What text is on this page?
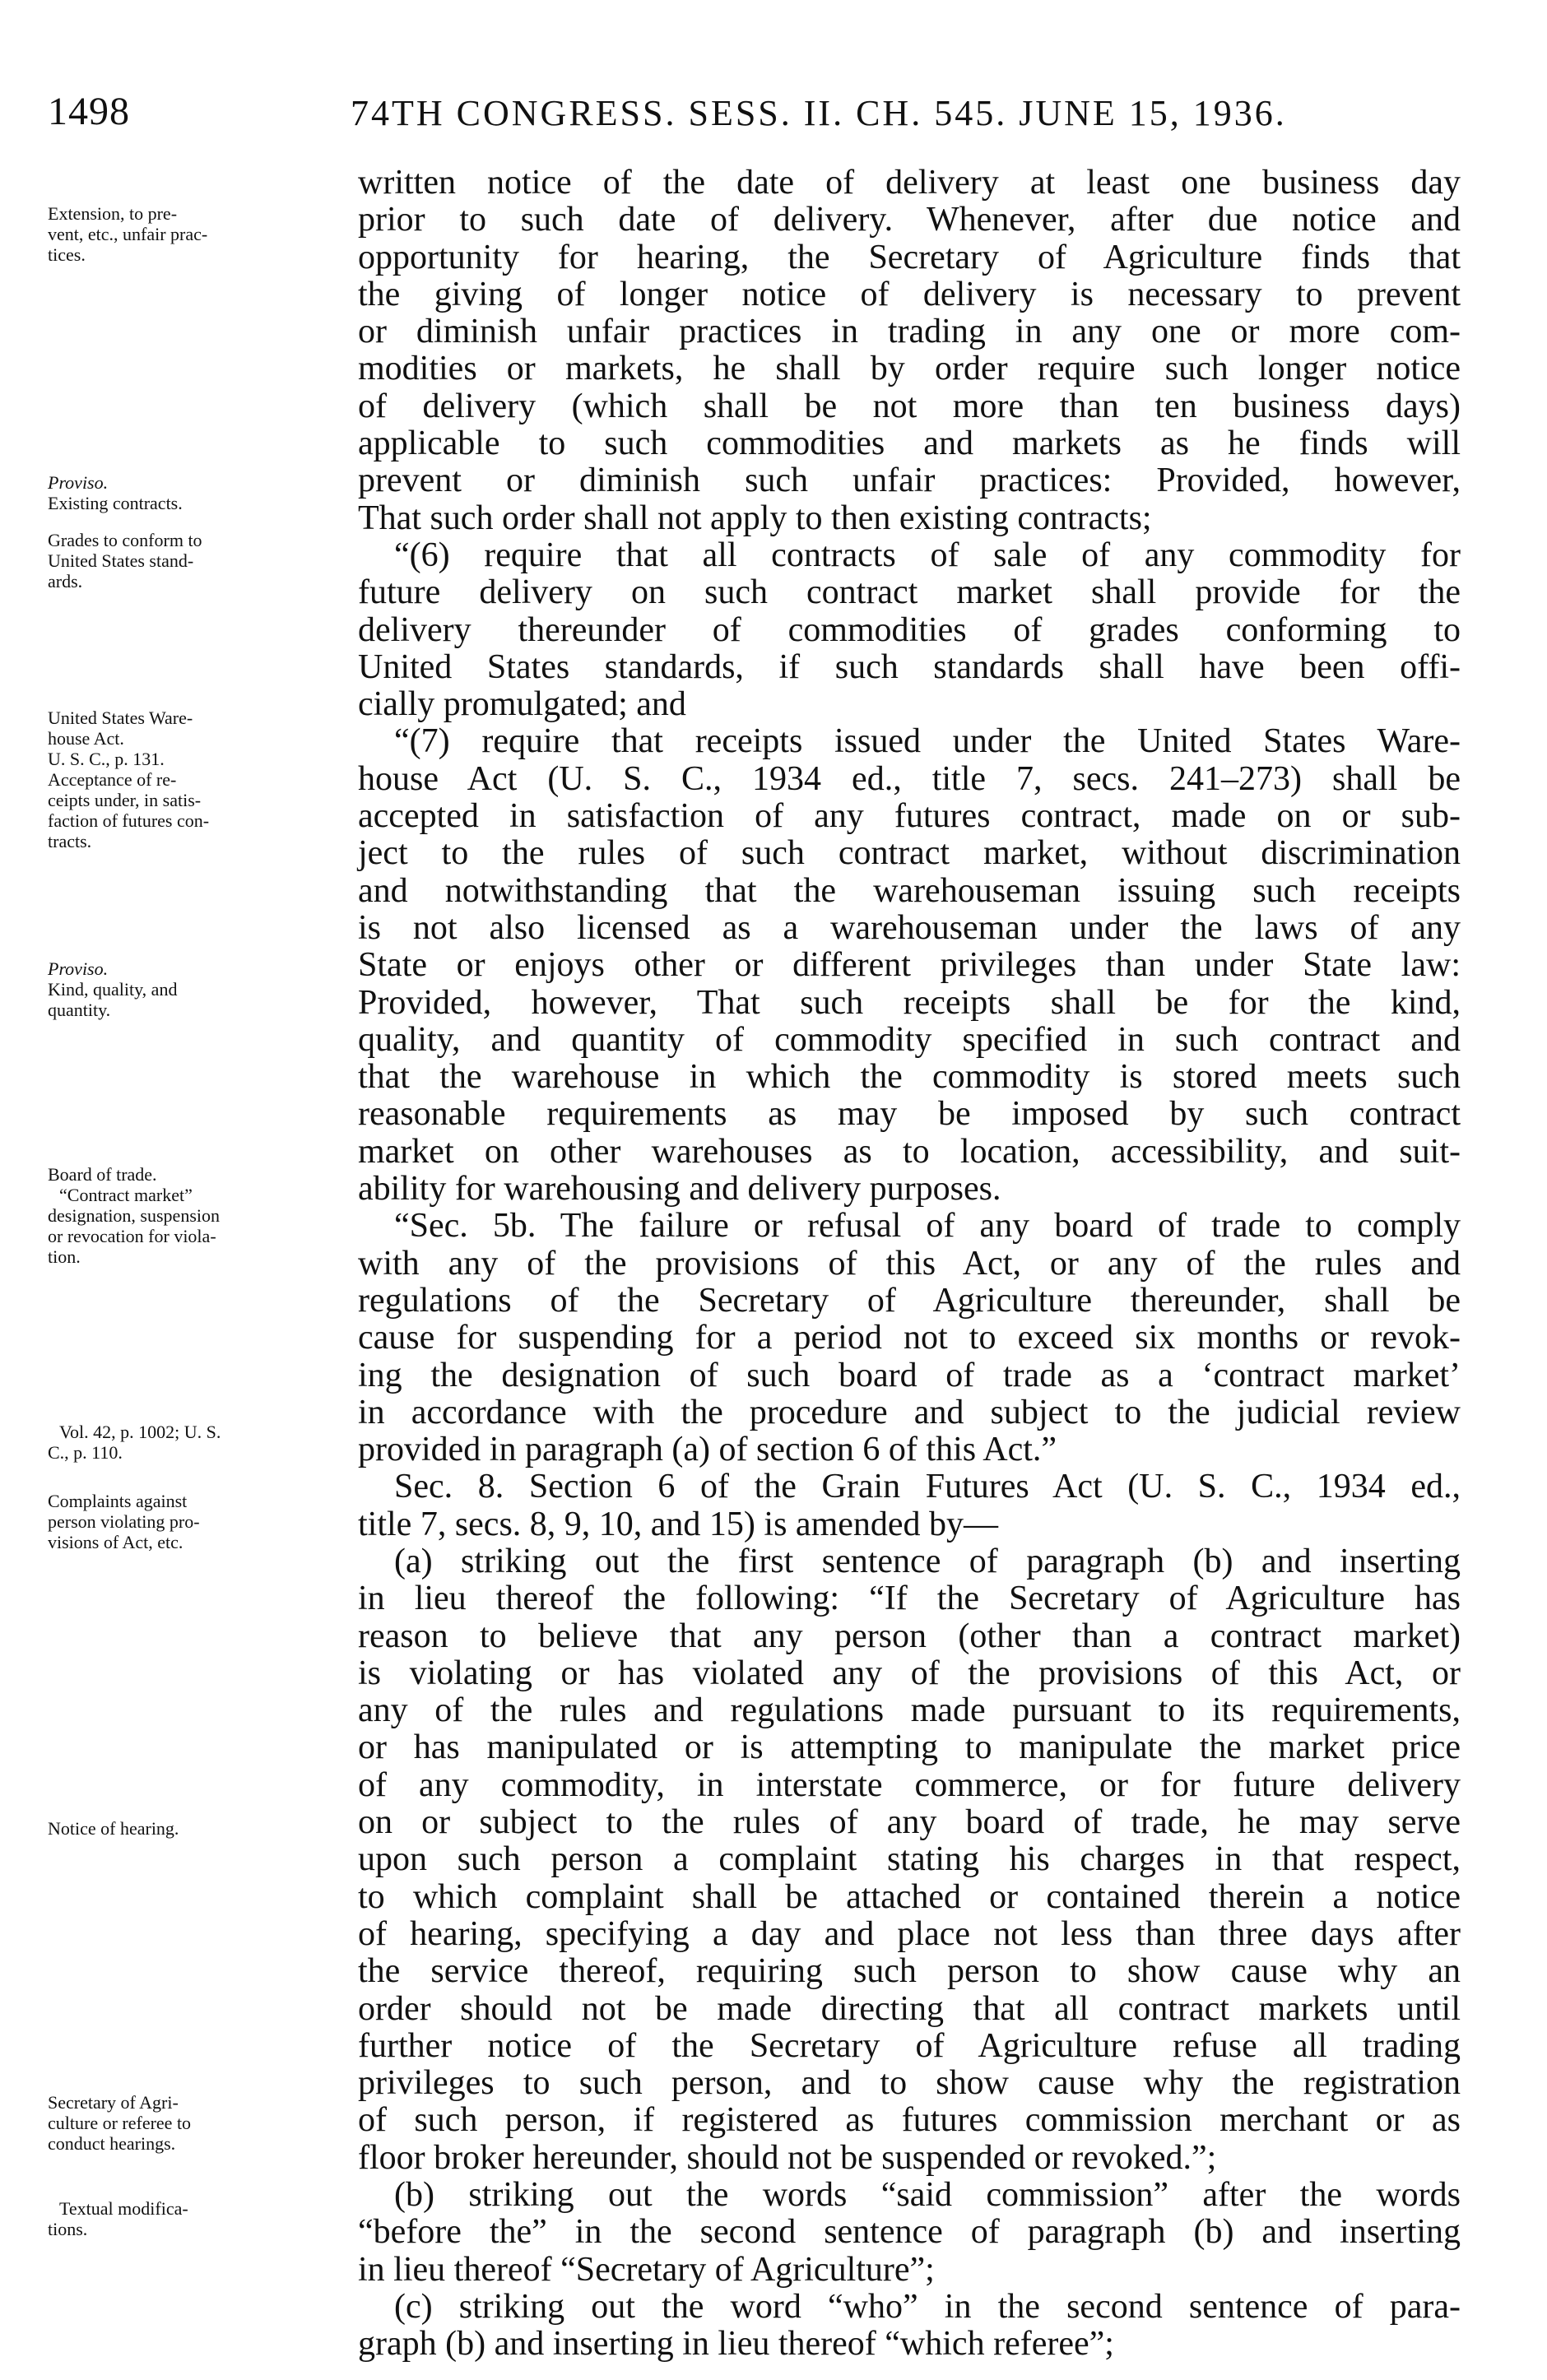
1498	74TH CONGRESS. SESS. II. CH. 545. JUNE 15, 1936.
Extension, to pre-
vent, etc., unfair prac-
tices.
Proviso.
Existing contracts.
Grades to conform to
United States stand-
ards.
United States Ware-
house Act.
U. S. C., p. 131.
Acceptance of re-
ceipts under, in satis-
faction of futures con-
tracts.
Proviso.
Kind, quality, and
quantity.
Board of trade.
“Contract market”
designation, suspension
or revocation for viola-
tion.
Vol. 42, p. 1002; U. S.
C., p. 110.
Complaints against
person violating pro-
visions of Act, etc.
Notice of hearing.
Secretary of Agri-
culture or referee to
conduct hearings.
Textual modifica-
tions.
written notice of the date of delivery at least one business day
prior to such date of delivery. Whenever, after due notice and
opportunity for hearing, the Secretary of Agriculture finds that
the giving of longer notice of delivery is necessary to prevent
or diminish unfair practices in trading in any one or more com-
modities or markets, he shall by order require such longer notice
of delivery (which shall be not more than ten business days)
applicable to such commodities and markets as he finds will
prevent or diminish such unfair practices: Provided, however,
That such order shall not apply to then existing contracts;
“(6) require that all contracts of sale of any commodity for
future delivery on such contract market shall provide for the
delivery thereunder of commodities of grades conforming to
United States standards, if such standards shall have been offi-
cially promulgated; and
“(7) require that receipts issued under the United States Ware-
house Act (U. S. C., 1934 ed., title 7, secs. 241–273) shall be
accepted in satisfaction of any futures contract, made on or sub-
ject to the rules of such contract market, without discrimination
and notwithstanding that the warehouseman issuing such receipts
is not also licensed as a warehouseman under the laws of any
State or enjoys other or different privileges than under State law:
Provided, however, That such receipts shall be for the kind,
quality, and quantity of commodity specified in such contract and
that the warehouse in which the commodity is stored meets such
reasonable requirements as may be imposed by such contract
market on other warehouses as to location, accessibility, and suit-
ability for warehousing and delivery purposes.
“Sec. 5b. The failure or refusal of any board of trade to comply
with any of the provisions of this Act, or any of the rules and
regulations of the Secretary of Agriculture thereunder, shall be
cause for suspending for a period not to exceed six months or revok-
ing the designation of such board of trade as a ‘contract market’
in accordance with the procedure and subject to the judicial review
provided in paragraph (a) of section 6 of this Act.”
Sec. 8. Section 6 of the Grain Futures Act (U. S. C., 1934 ed.,
title 7, secs. 8, 9, 10, and 15) is amended by—
(a) striking out the first sentence of paragraph (b) and inserting
in lieu thereof the following: “If the Secretary of Agriculture has
reason to believe that any person (other than a contract market)
is violating or has violated any of the provisions of this Act, or
any of the rules and regulations made pursuant to its requirements,
or has manipulated or is attempting to manipulate the market price
of any commodity, in interstate commerce, or for future delivery
on or subject to the rules of any board of trade, he may serve
upon such person a complaint stating his charges in that respect,
to which complaint shall be attached or contained therein a notice
of hearing, specifying a day and place not less than three days after
the service thereof, requiring such person to show cause why an
order should not be made directing that all contract markets until
further notice of the Secretary of Agriculture refuse all trading
privileges to such person, and to show cause why the registration
of such person, if registered as futures commission merchant or as
floor broker hereunder, should not be suspended or revoked.”;
(b) striking out the words “said commission” after the words
“before the” in the second sentence of paragraph (b) and inserting
in lieu thereof “Secretary of Agriculture”;
(c) striking out the word “who” in the second sentence of para-
graph (b) and inserting in lieu thereof “which referee”;
